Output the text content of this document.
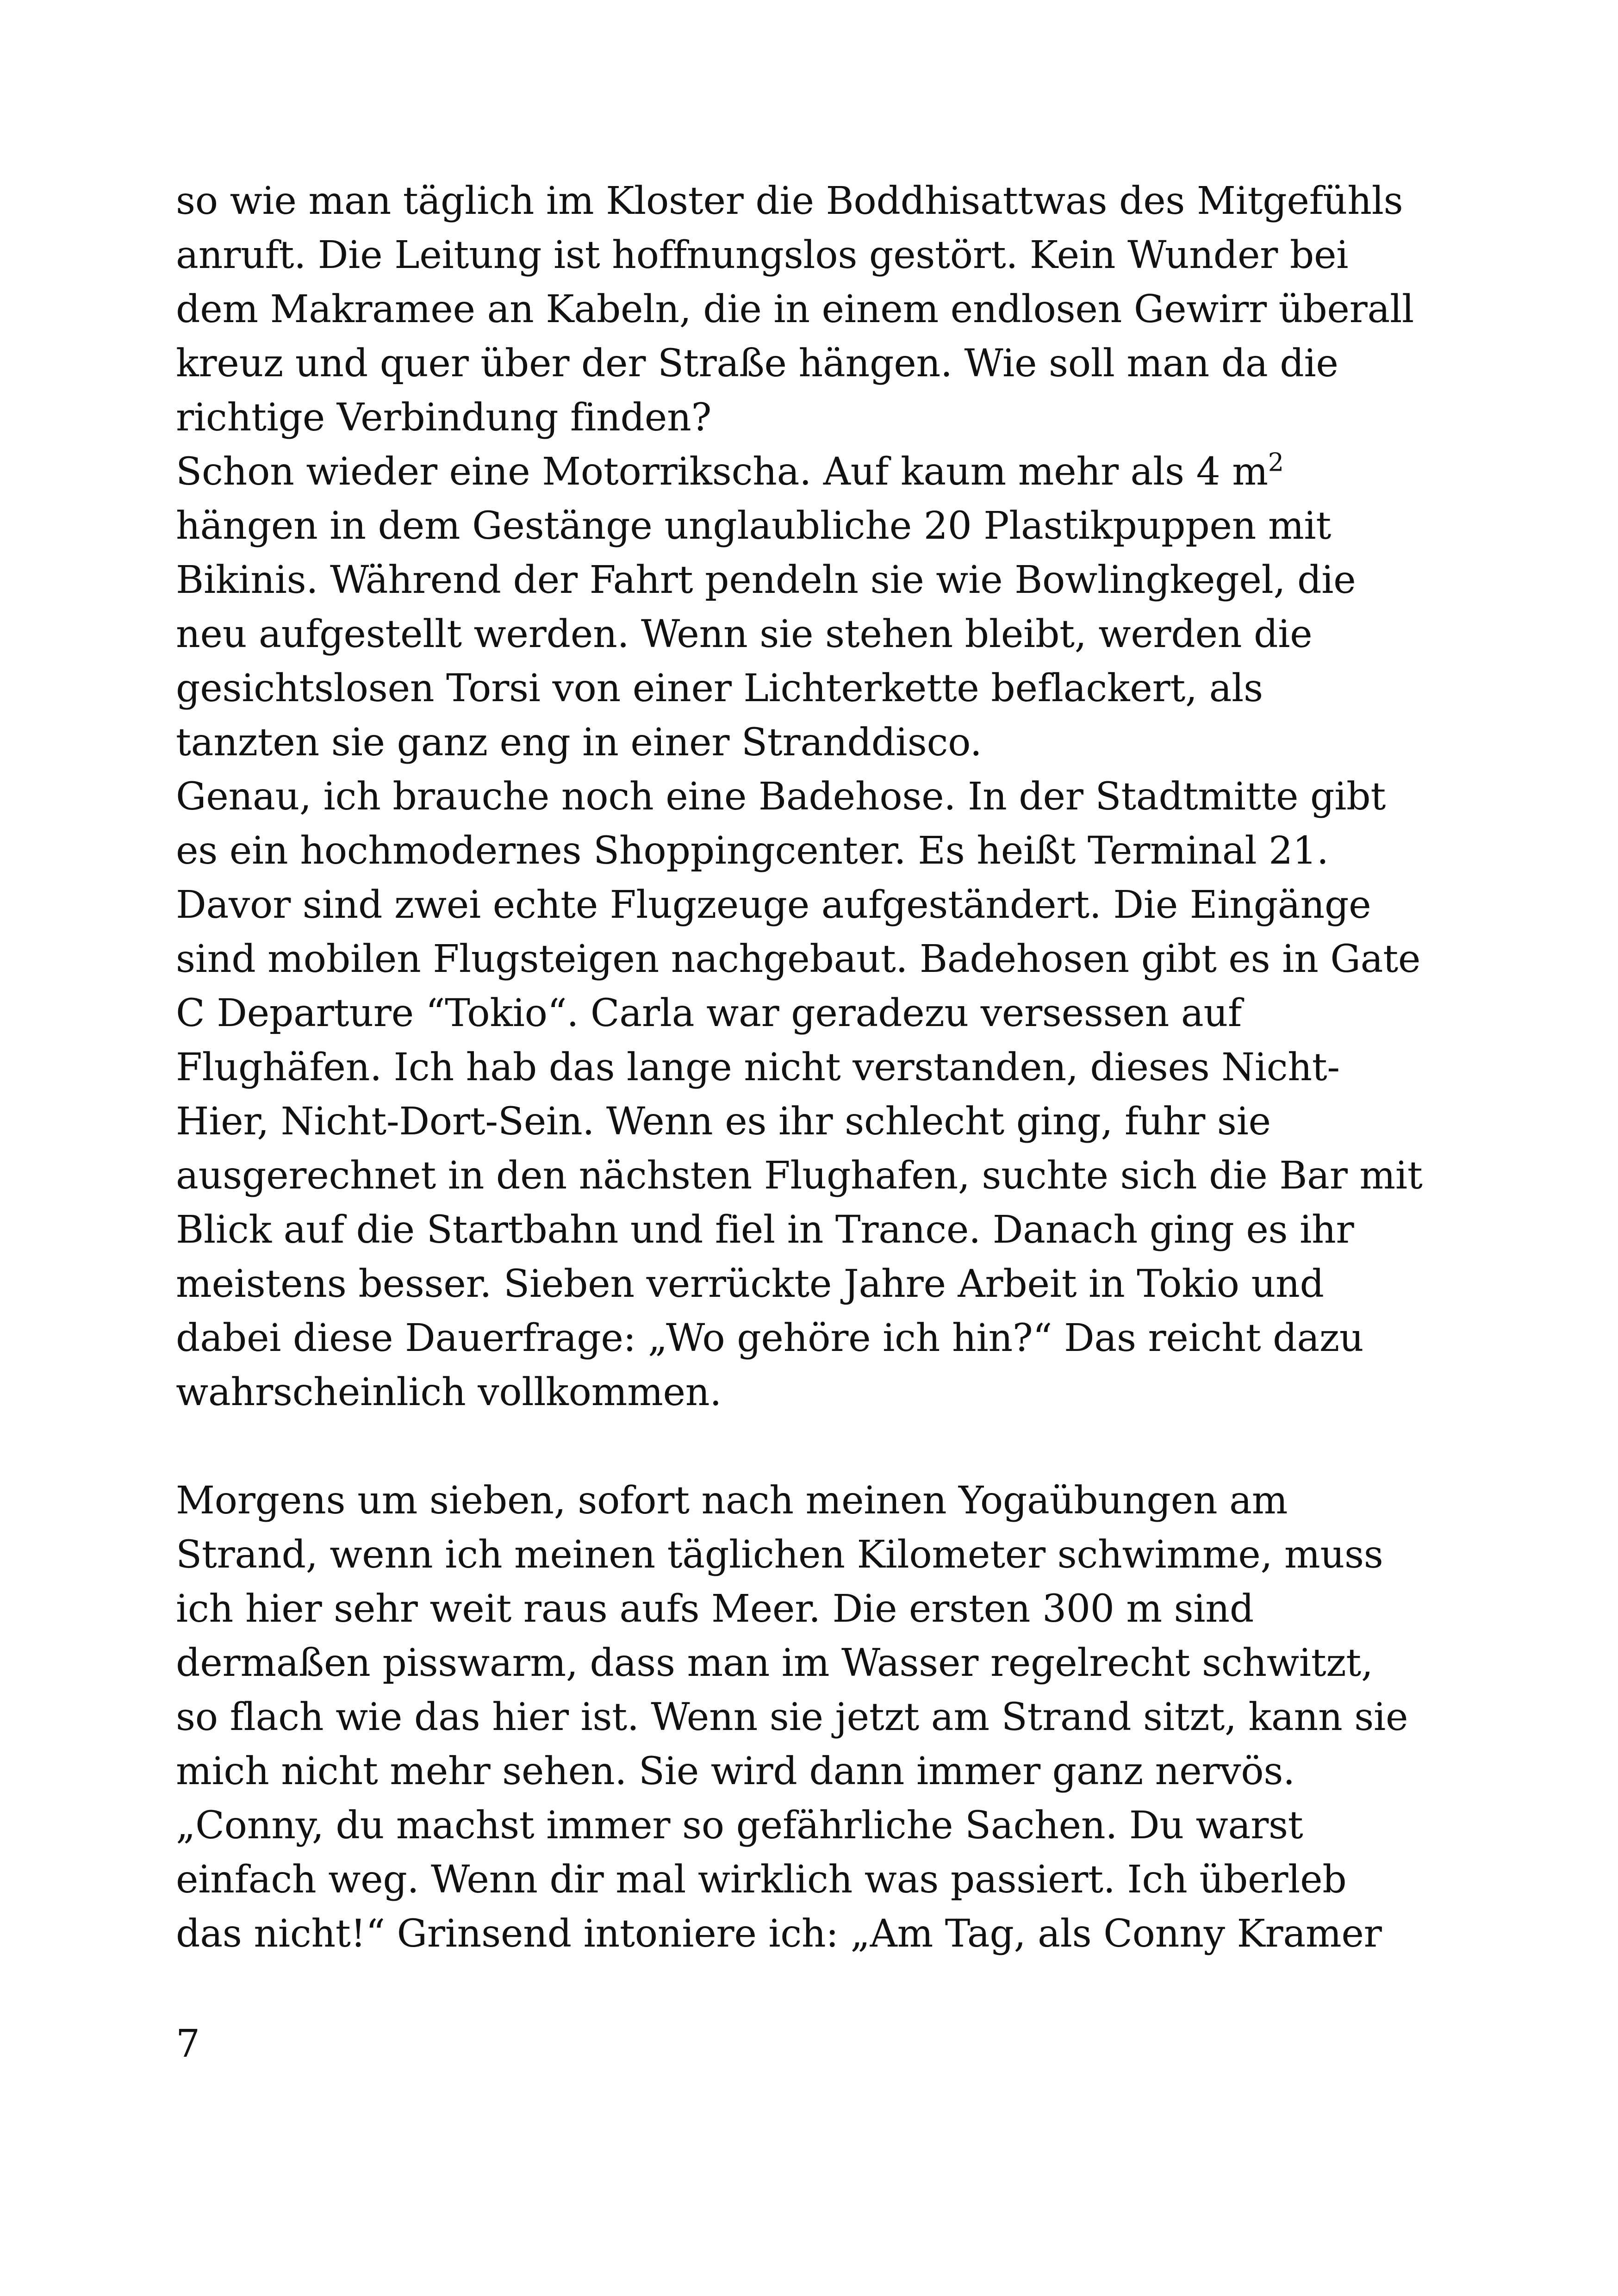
so wie man täglich im Kloster die Boddhisattwas des Mitgefühls
anruft. Die Leitung ist hoffnungslos gestört. Kein Wunder bei
dem Makramee an Kabeln, die in einem endlosen Gewirr überall
kreuz und quer über der Straße hängen. Wie soll man da die
richtige Verbindung finden?
Schon wieder eine Motorrikscha. Auf kaum mehr als 4 $m^2$
hängen in dem Gestänge unglaubliche 20 Plastikpuppen mit
Bikinis. Während der Fahrt pendeln sie wie Bowlingkegel, die
neu aufgestellt werden. Wenn sie stehen bleibt, werden die
gesichtslosen Torsi von einer Lichterkette beflackert, als
tanzten sie ganz eng in einer Stranddisco.
Genau, ich brauche noch eine Badehose. In der Stadtmitte gibt
es ein hochmodernes Shoppingcenter. Es heißt Terminal 21.
Davor sind zwei echte Flugzeuge aufgeständert. Die Eingänge
sind mobilen Flugsteigen nachgebaut. Badehosen gibt es in Gate
C Departure “Tokio“. Carla war geradezu versessen auf
Flughäfen. Ich hab das lange nicht verstanden, dieses Nicht-
Hier, Nicht-Dort-Sein. Wenn es ihr schlecht ging, fuhr sie
ausgerechnet in den nächsten Flughafen, suchte sich die Bar mit
Blick auf die Startbahn und fiel in Trance. Danach ging es ihr
meistens besser. Sieben verrückte Jahre Arbeit in Tokio und
dabei diese Dauerfrage: „Wo gehöre ich hin?“ Das reicht dazu
wahrscheinlich vollkommen.
Morgens um sieben, sofort nach meinen Yogaübungen am
Strand, wenn ich meinen täglichen Kilometer schwimme, muss
ich hier sehr weit raus aufs Meer. Die ersten 300 m sind
dermaßen pisswarm, dass man im Wasser regelrecht schwitzt,
so flach wie das hier ist. Wenn sie jetzt am Strand sitzt, kann sie
mich nicht mehr sehen. Sie wird dann immer ganz nervös.
„Conny, du machst immer so gefährliche Sachen. Du warst
einfach weg. Wenn dir mal wirklich was passiert. Ich überleb
das nicht!“ Grinsend intoniere ich: „Am Tag, als Conny Kramer
7
